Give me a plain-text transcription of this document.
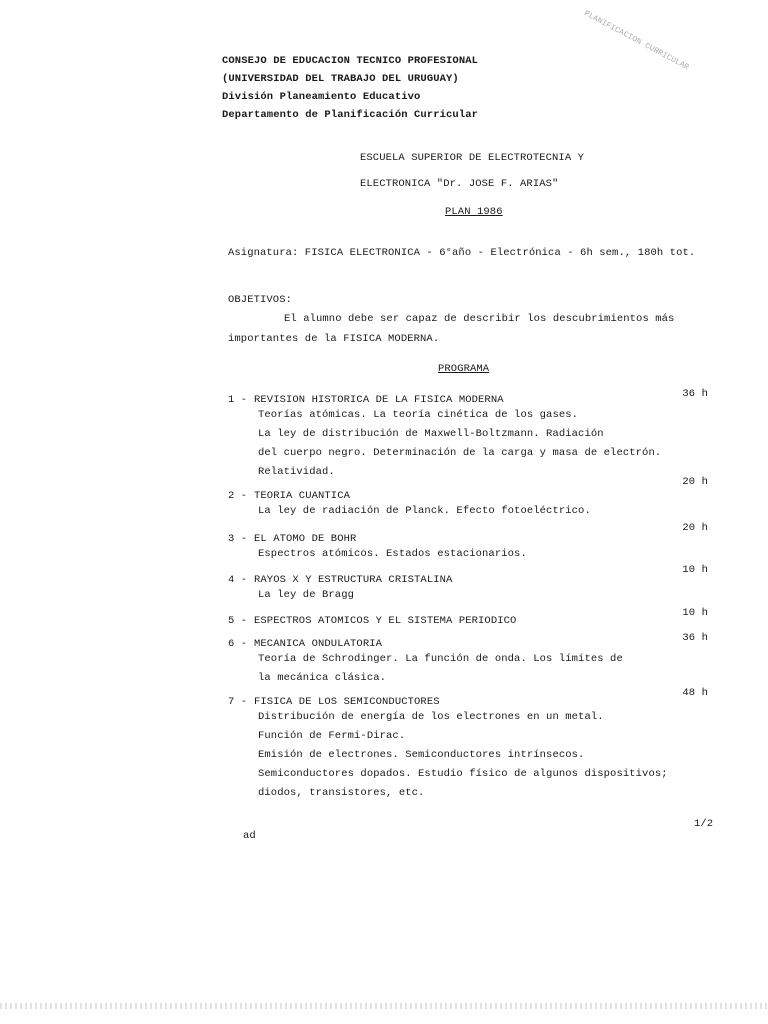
CONSEJO DE EDUCACION TECNICO PROFESIONAL
(UNIVERSIDAD DEL TRABAJO DEL URUGUAY)
División Planeamiento Educativo
Departamento de Planificación Curricular
PLANIFICACION CURRICULAR
ESCUELA SUPERIOR DE ELECTROTECNIA Y
ELECTRONICA "Dr. JOSE F. ARIAS"
PLAN 1986
Asignatura: FISICA ELECTRONICA - 6°año - Electrónica - 6h sem., 180h tot.
OBJETIVOS:
El alumno debe ser capaz de describir los descubrimientos más importantes de la FISICA MODERNA.
PROGRAMA
1 - REVISION HISTORICA DE LA FISICA MODERNA	36 h
Teorías atómicas. La teoría cinética de los gases.
La ley de distribución de Maxwell-Boltzmann. Radiación
del cuerpo negro. Determinación de la carga y masa de electrón.
Relatividad.
2 - TEORIA CUANTICA
20 h
La ley de radiación de Planck. Efecto fotoeléctrico.
3 - EL ATOMO DE BOHR
20 h
Espectros atómicos. Estados estacionarios.
4 - RAYOS X Y ESTRUCTURA CRISTALINA
10 h
La ley de Bragg
5 - ESPECTROS ATOMICOS Y EL SISTEMA PERIODICO
10 h
6 - MECANICA ONDULATORIA	36 h
Teoría de Schrodinger. La función de onda. Los límites de
la mecánica clásica.
7 - FISICA DE LOS SEMICONDUCTORES
48 h
Distribución de energía de los electrones en un metal.
Función de Fermi-Dirac.
Emisión de electrones. Semiconductores intrínsecos.
Semiconductores dopados. Estudio físico de algunos dispositivos;
diodos, transistores, etc.
1/2
ad
